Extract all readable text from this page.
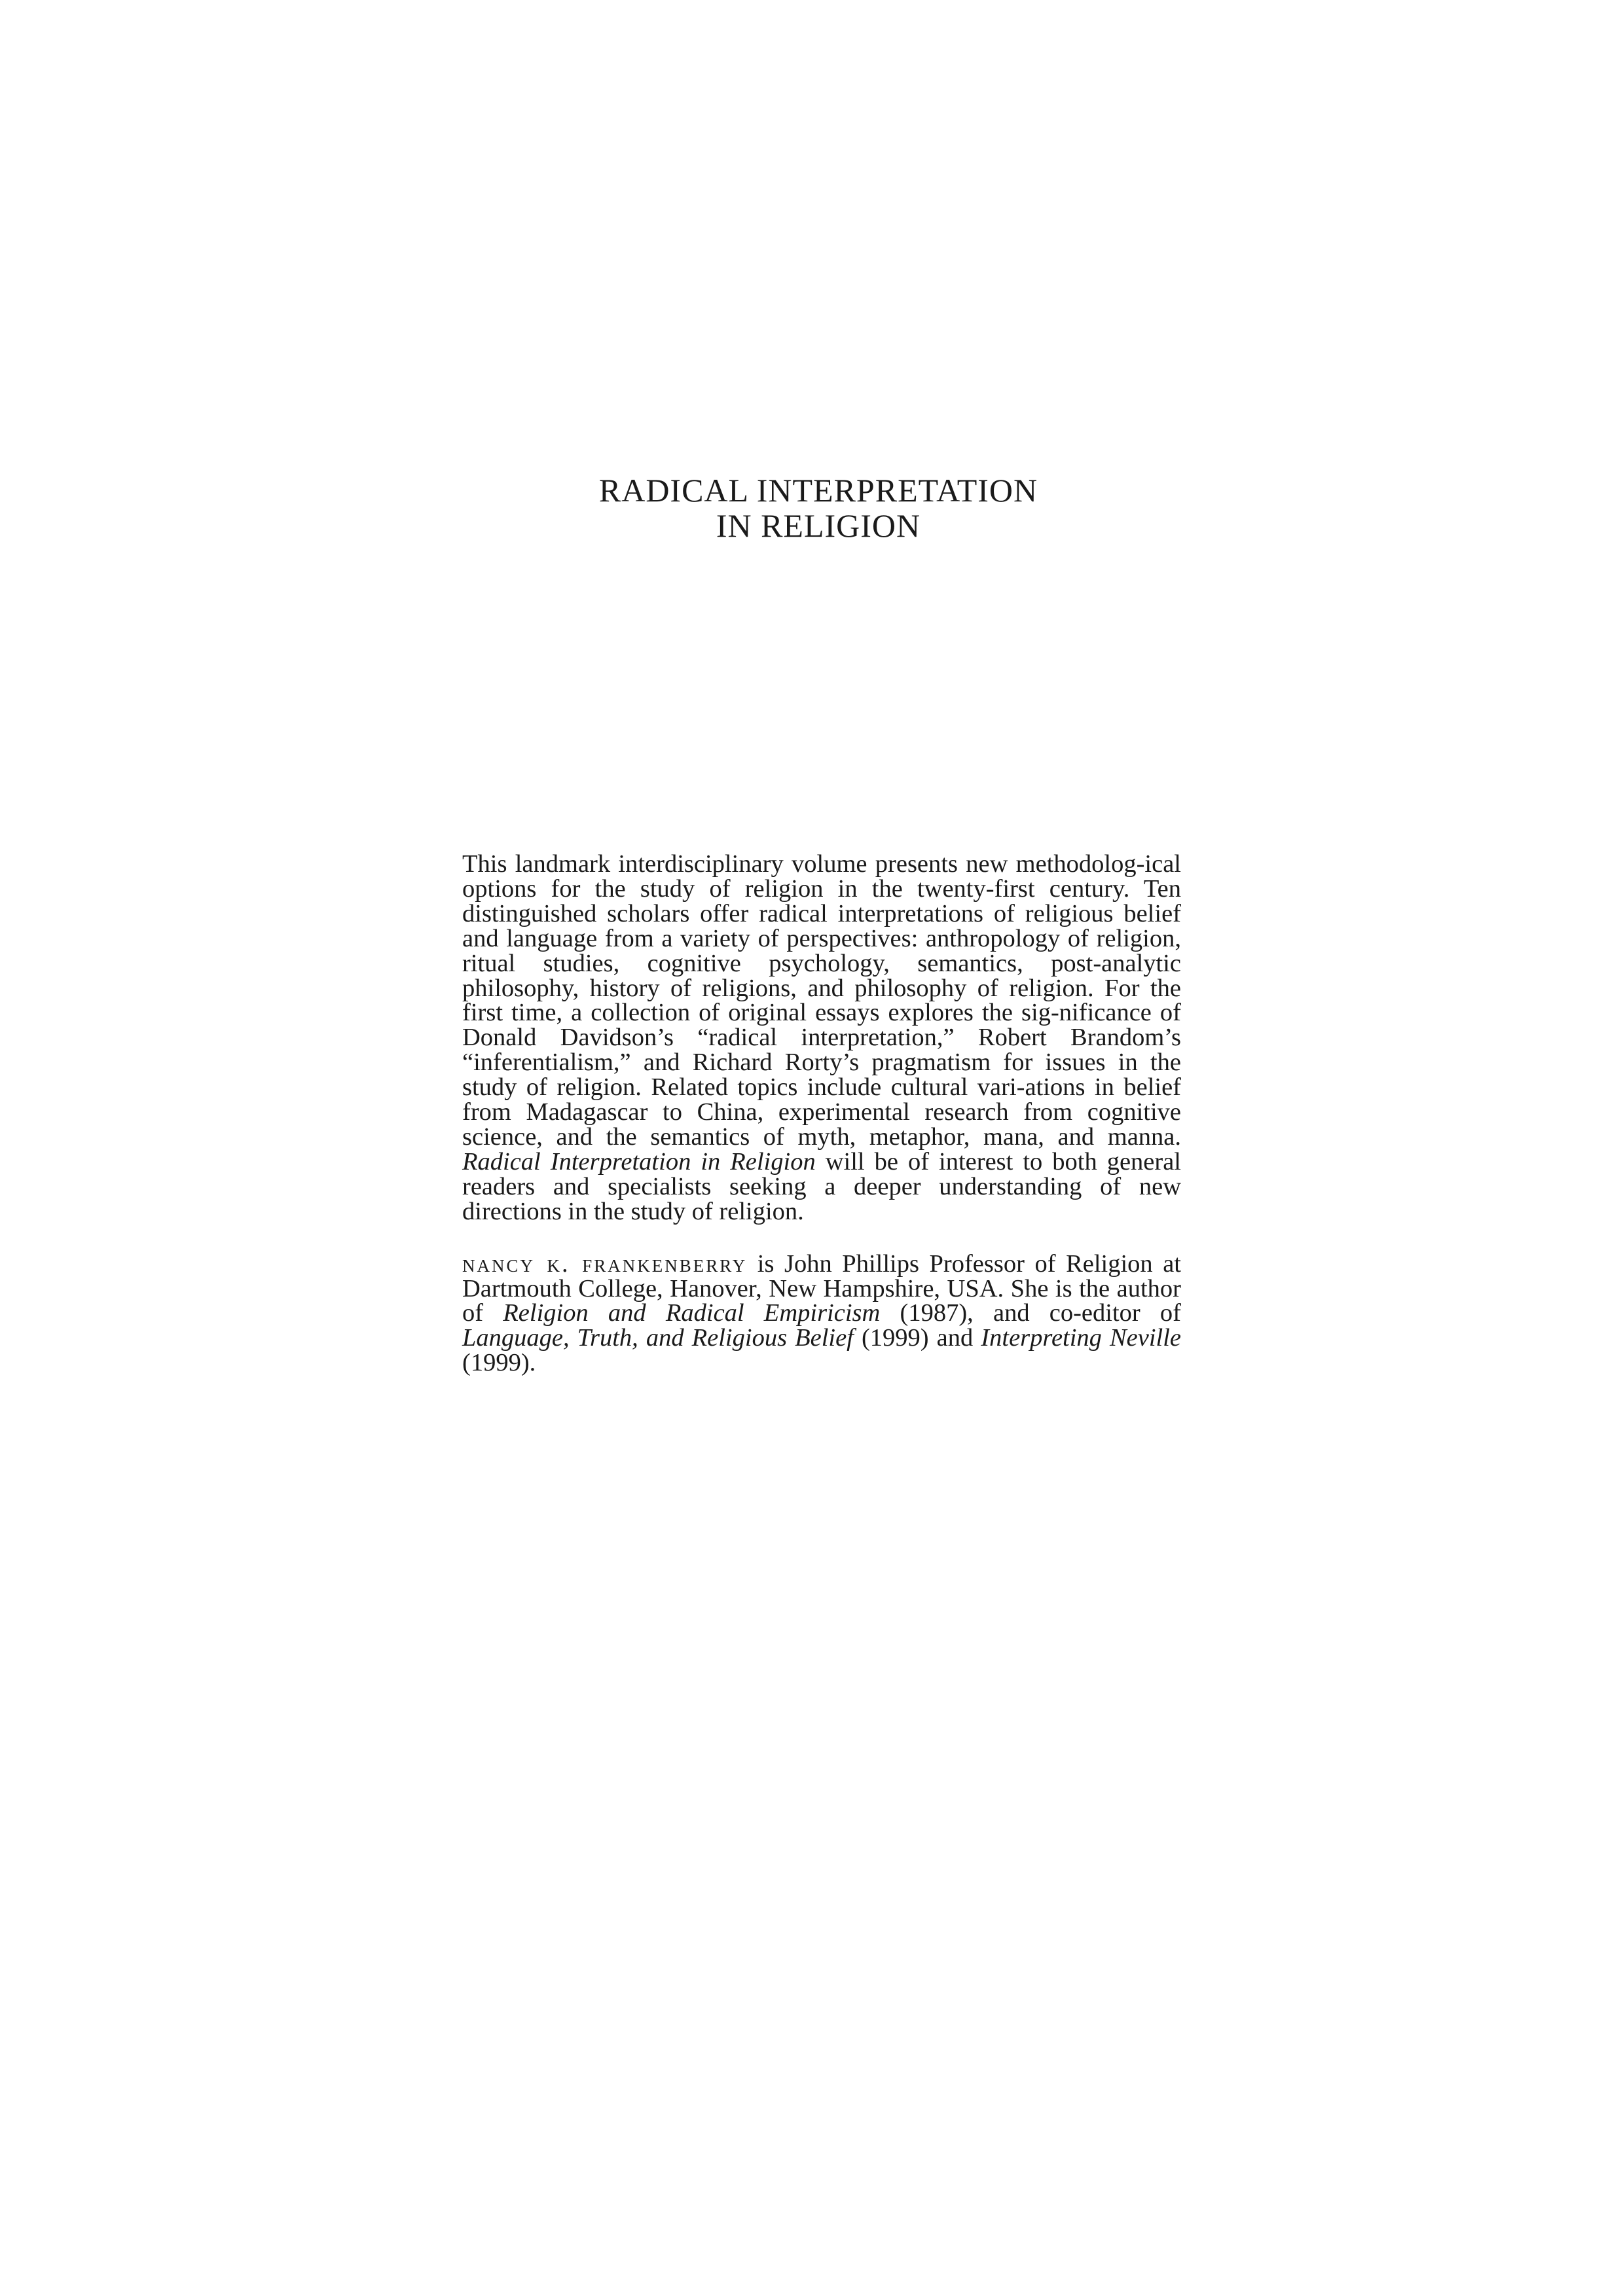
RADICAL INTERPRETATION
IN RELIGION

This landmark interdisciplinary volume presents new methodolog-ical options for the study of religion in the twenty-first century. Ten distinguished scholars offer radical interpretations of religious belief and language from a variety of perspectives: anthropology of religion, ritual studies, cognitive psychology, semantics, post-analytic philosophy, history of religions, and philosophy of religion. For the first time, a collection of original essays explores the sig-nificance of Donald Davidson’s “radical interpretation,” Robert Brandom’s “inferentialism,” and Richard Rorty’s pragmatism for issues in the study of religion. Related topics include cultural vari-ations in belief from Madagascar to China, experimental research from cognitive science, and the semantics of myth, metaphor, mana, and manna. Radical Interpretation in Religion will be of interest to both general readers and specialists seeking a deeper understanding of new directions in the study of religion.

nancy k. frankenberry is John Phillips Professor of Religion at Dartmouth College, Hanover, New Hampshire, USA. She is the author of Religion and Radical Empiricism (1987), and co-editor of Language, Truth, and Religious Belief (1999) and Interpreting Neville (1999).
